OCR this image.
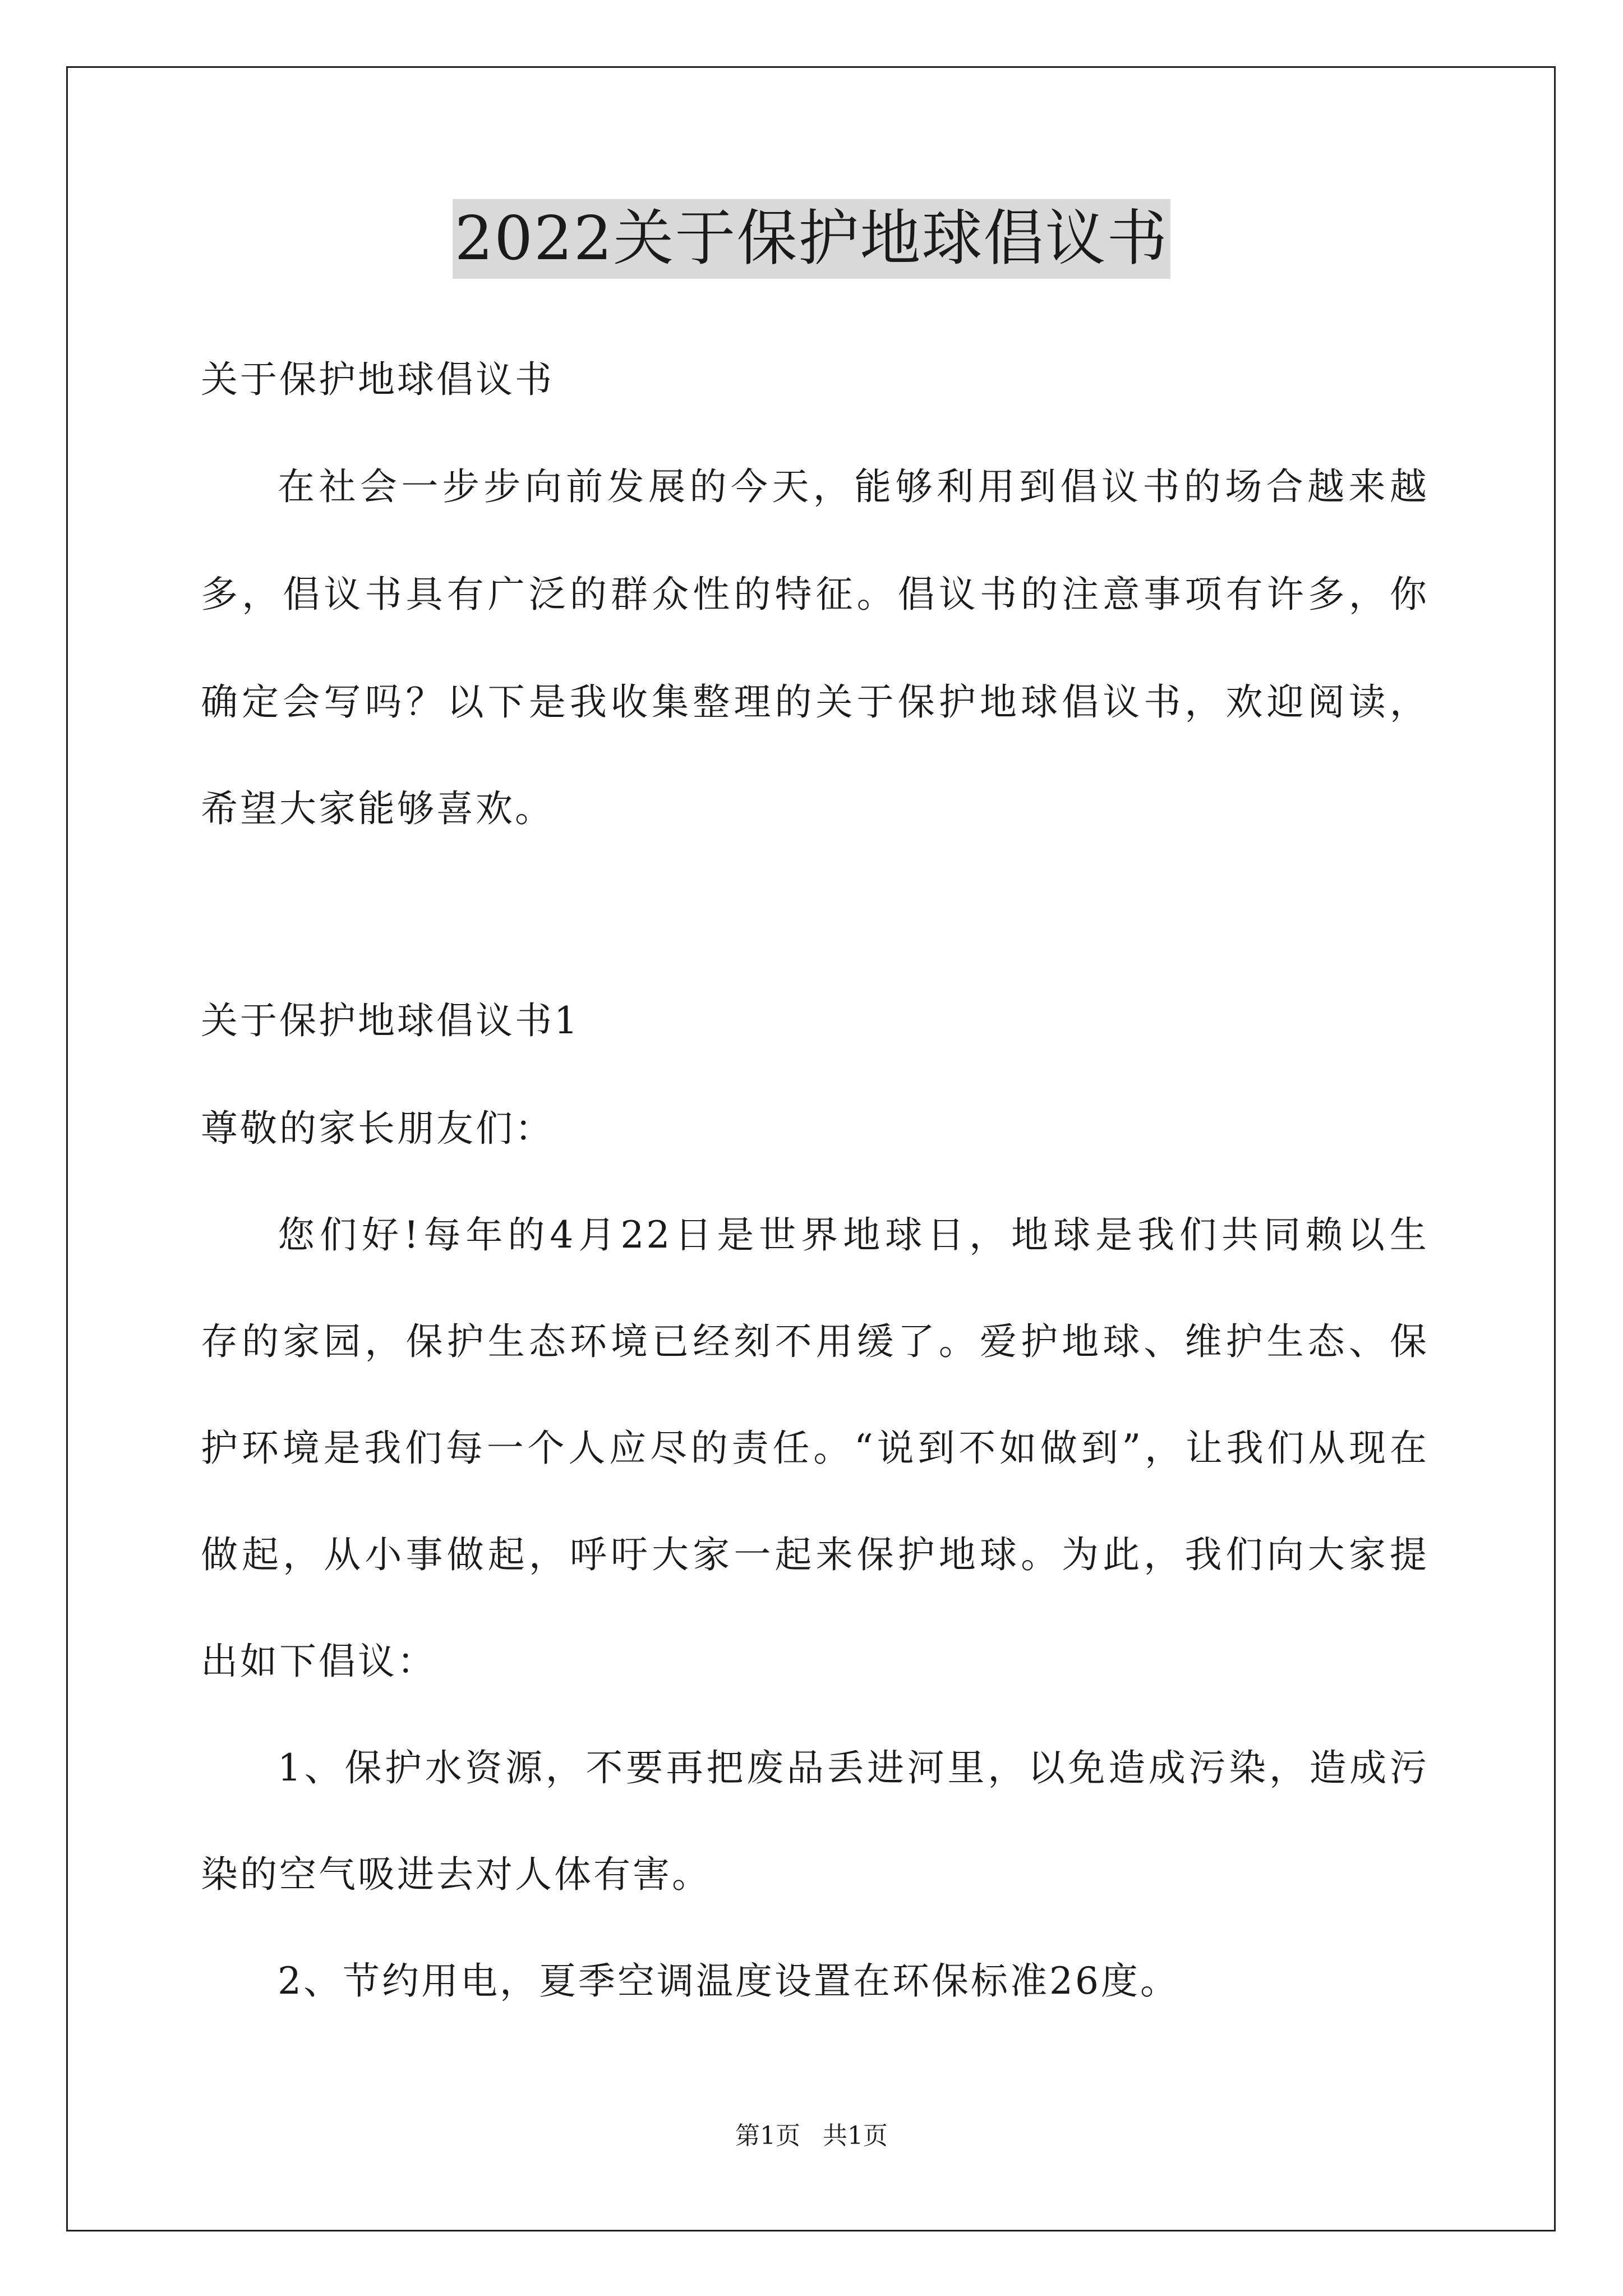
2022关于保护地球倡议书
关于保护地球倡议书
在社会一步步向前发展的今天，能够利用到倡议书的场合越来越
多，倡议书具有广泛的群众性的特征。倡议书的注意事项有许多，你
确定会写吗？以下是我收集整理的关于保护地球倡议书，欢迎阅读，
希望大家能够喜欢。
关于保护地球倡议书1
尊敬的家长朋友们：
您们好!每年的4月22日是世界地球日，地球是我们共同赖以生
存的家园，保护生态环境已经刻不用缓了。爱护地球、维护生态、保
护环境是我们每一个人应尽的责任。“说到不如做到”，让我们从现在
做起，从小事做起，呼吁大家一起来保护地球。为此，我们向大家提
出如下倡议：
1、保护水资源，不要再把废品丢进河里，以免造成污染，造成污
染的空气吸进去对人体有害。
2、节约用电，夏季空调温度设置在环保标准26度。
第1页 共1页
